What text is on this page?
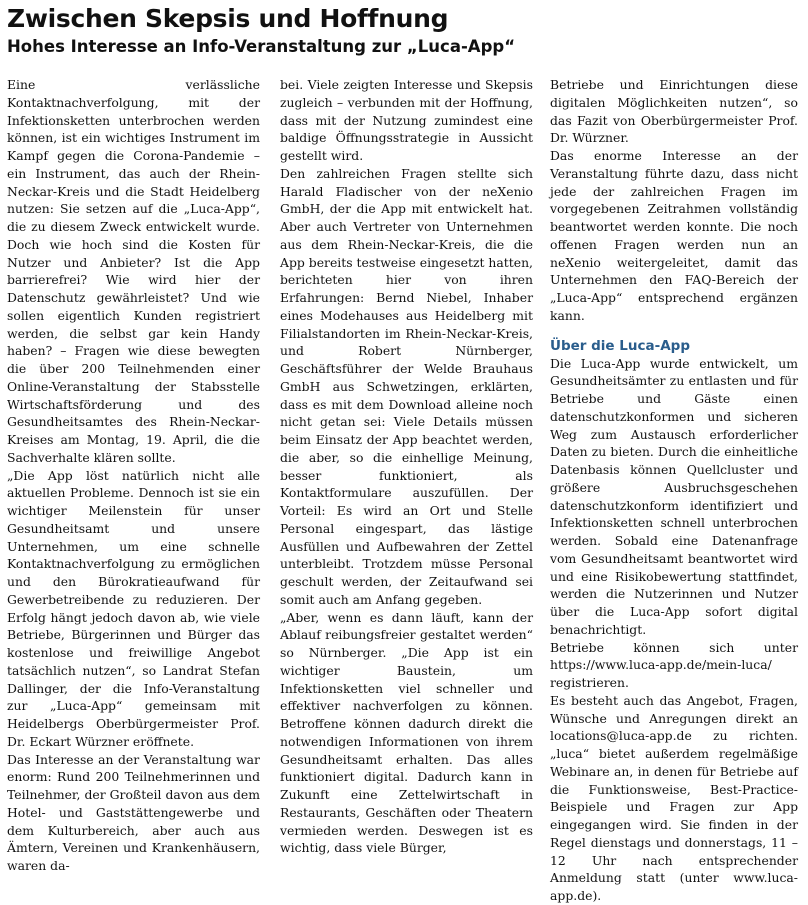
Zwischen Skepsis und Hoffnung
Hohes Interesse an Info-Veranstaltung zur „Luca-App“

Eine verlässliche Kontaktnachverfolgung, mit der Infektionsketten unterbrochen werden können, ist ein wichtiges Instrument im Kampf gegen die Corona-Pandemie – ein Instrument, das auch der Rhein-Neckar-Kreis und die Stadt Heidelberg nutzen: Sie setzen auf die „Luca-App“, die zu diesem Zweck entwickelt wurde. Doch wie hoch sind die Kosten für Nutzer und Anbieter? Ist die App barrierefrei? Wie wird hier der Datenschutz gewährleistet? Und wie sollen eigentlich Kunden registriert werden, die selbst gar kein Handy haben? – Fragen wie diese bewegten die über 200 Teilnehmenden einer Online-Veranstaltung der Stabsstelle Wirtschaftsförderung und des Gesundheitsamtes des Rhein-Neckar-Kreises am Montag, 19. April, die die Sachverhalte klären sollte.

„Die App löst natürlich nicht alle aktuellen Probleme. Dennoch ist sie ein wichtiger Meilenstein für unser Gesundheitsamt und unsere Unternehmen, um eine schnelle Kontaktnachverfolgung zu ermöglichen und den Bürokratieaufwand für Gewerbetreibende zu reduzieren. Der Erfolg hängt jedoch davon ab, wie viele Betriebe, Bürgerinnen und Bürger das kostenlose und freiwillige Angebot tatsächlich nutzen“, so Landrat Stefan Dallinger, der die Info-Veranstaltung zur „Luca-App“ gemeinsam mit Heidelbergs Oberbürgermeister Prof. Dr. Eckart Würzner eröffnete.

Das Interesse an der Veranstaltung war enorm: Rund 200 Teilnehmerinnen und Teilnehmer, der Großteil davon aus dem Hotel- und Gaststättengewerbe und dem Kulturbereich, aber auch aus Ämtern, Vereinen und Krankenhäusern, waren da-

bei. Viele zeigten Interesse und Skepsis zugleich – verbunden mit der Hoffnung, dass mit der Nutzung zumindest eine baldige Öffnungsstrategie in Aussicht gestellt wird.

Den zahlreichen Fragen stellte sich Harald Fladischer von der neXenio GmbH, der die App mit entwickelt hat. Aber auch Vertreter von Unternehmen aus dem Rhein-Neckar-Kreis, die die App bereits testweise eingesetzt hatten, berichteten hier von ihren Erfahrungen: Bernd Niebel, Inhaber eines Modehauses aus Heidelberg mit Filialstandorten im Rhein-Neckar-Kreis, und Robert Nürnberger, Geschäftsführer der Welde Brauhaus GmbH aus Schwetzingen, erklärten, dass es mit dem Download alleine noch nicht getan sei: Viele Details müssen beim Einsatz der App beachtet werden, die aber, so die einhellige Meinung, besser funktioniert, als Kontaktformulare auszufüllen. Der Vorteil: Es wird an Ort und Stelle Personal eingespart, das lästige Ausfüllen und Aufbewahren der Zettel unterbleibt. Trotzdem müsse Personal geschult werden, der Zeitaufwand sei somit auch am Anfang gegeben.

„Aber, wenn es dann läuft, kann der Ablauf reibungsfreier gestaltet werden“ so Nürnberger. „Die App ist ein wichtiger Baustein, um Infektionsketten viel schneller und effektiver nachverfolgen zu können. Betroffene können dadurch direkt die notwendigen Informationen von ihrem Gesundheitsamt erhalten. Das alles funktioniert digital. Dadurch kann in Zukunft eine Zettelwirtschaft in Restaurants, Geschäften oder Theatern vermieden werden. Deswegen ist es wichtig, dass viele Bürger,

Betriebe und Einrichtungen diese digitalen Möglichkeiten nutzen“, so das Fazit von Oberbürgermeister Prof. Dr. Würzner.

Das enorme Interesse an der Veranstaltung führte dazu, dass nicht jede der zahlreichen Fragen im vorgegebenen Zeitrahmen vollständig beantwortet werden konnte. Die noch offenen Fragen werden nun an neXenio weitergeleitet, damit das Unternehmen den FAQ-Bereich der „Luca-App“ entsprechend ergänzen kann.

Über die Luca-App

Die Luca-App wurde entwickelt, um Gesundheitsämter zu entlasten und für Betriebe und Gäste einen datenschutzkonformen und sicheren Weg zum Austausch erforderlicher Daten zu bieten. Durch die einheitliche Datenbasis können Quellcluster und größere Ausbruchsgeschehen datenschutzkonform identifiziert und Infektionsketten schnell unterbrochen werden. Sobald eine Datenanfrage vom Gesundheitsamt beantwortet wird und eine Risikobewertung stattfindet, werden die Nutzerinnen und Nutzer über die Luca-App sofort digital benachrichtigt.

Betriebe können sich unter https://www.luca-app.de/mein-luca/ registrieren.

Es besteht auch das Angebot, Fragen, Wünsche und Anregungen direkt an locations@luca-app.de zu richten. „luca“ bietet außerdem regelmäßige Webinare an, in denen für Betriebe auf die Funktionsweise, Best-Practice-Beispiele und Fragen zur App eingegangen wird. Sie finden in der Regel dienstags und donnerstags, 11 – 12 Uhr nach entsprechender Anmeldung statt (unter www.luca-app.de).
